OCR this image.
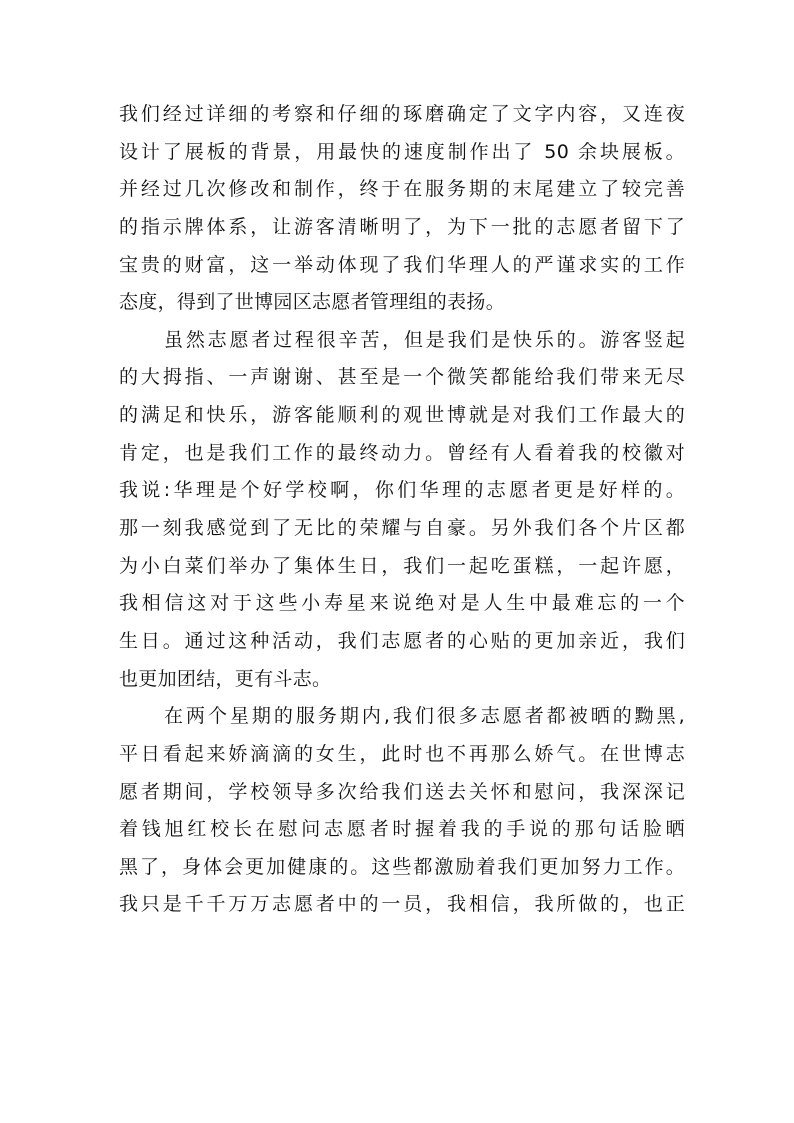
我们经过详细的考察和仔细的琢磨确定了文字内容，又连夜
设计了展板的背景，用最快的速度制作出了 50 余块展板。
并经过几次修改和制作，终于在服务期的末尾建立了较完善
的指示牌体系，让游客清晰明了，为下一批的志愿者留下了
宝贵的财富，这一举动体现了我们华理人的严谨求实的工作
态度，得到了世博园区志愿者管理组的表扬。
虽然志愿者过程很辛苦，但是我们是快乐的。游客竖起
的大拇指、一声谢谢、甚至是一个微笑都能给我们带来无尽
的满足和快乐，游客能顺利的观世博就是对我们工作最大的
肯定，也是我们工作的最终动力。曾经有人看着我的校徽对
我说:华理是个好学校啊，你们华理的志愿者更是好样的。
那一刻我感觉到了无比的荣耀与自豪。另外我们各个片区都
为小白菜们举办了集体生日，我们一起吃蛋糕，一起许愿，
我相信这对于这些小寿星来说绝对是人生中最难忘的一个
生日。通过这种活动，我们志愿者的心贴的更加亲近，我们
也更加团结，更有斗志。
在两个星期的服务期内,我们很多志愿者都被晒的黝黑,
平日看起来娇滴滴的女生，此时也不再那么娇气。在世博志
愿者期间，学校领导多次给我们送去关怀和慰问，我深深记
着钱旭红校长在慰问志愿者时握着我的手说的那句话脸晒
黑了，身体会更加健康的。这些都激励着我们更加努力工作。
我只是千千万万志愿者中的一员，我相信，我所做的，也正
